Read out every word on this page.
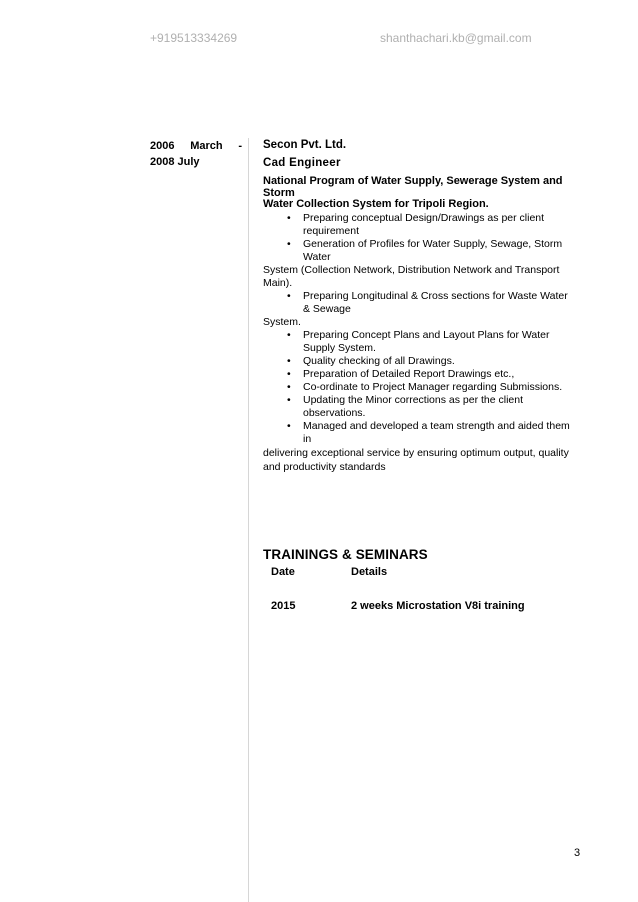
+919513334269	shanthachari.kb@gmail.com
2006 March - 2008 July
Secon Pvt. Ltd.
Cad Engineer
National Program of Water Supply, Sewerage System and Storm
Water Collection System for Tripoli Region.
• Preparing conceptual Design/Drawings as per client requirement
• Generation of Profiles for Water Supply, Sewage, Storm Water
System (Collection Network, Distribution Network and Transport Main).
• Preparing Longitudinal & Cross sections for Waste Water & Sewage
System.
• Preparing Concept Plans and Layout Plans for Water Supply System.
• Quality checking of all Drawings.
• Preparation of Detailed Report Drawings etc.,
• Co-ordinate to Project Manager regarding Submissions.
• Updating the Minor corrections as per the client observations.
• Managed and developed a team strength and aided them in
delivering exceptional service by ensuring optimum output, quality and productivity standards
TRAININGS & SEMINARS
Date	Details
2015	2 weeks Microstation V8i training
3
